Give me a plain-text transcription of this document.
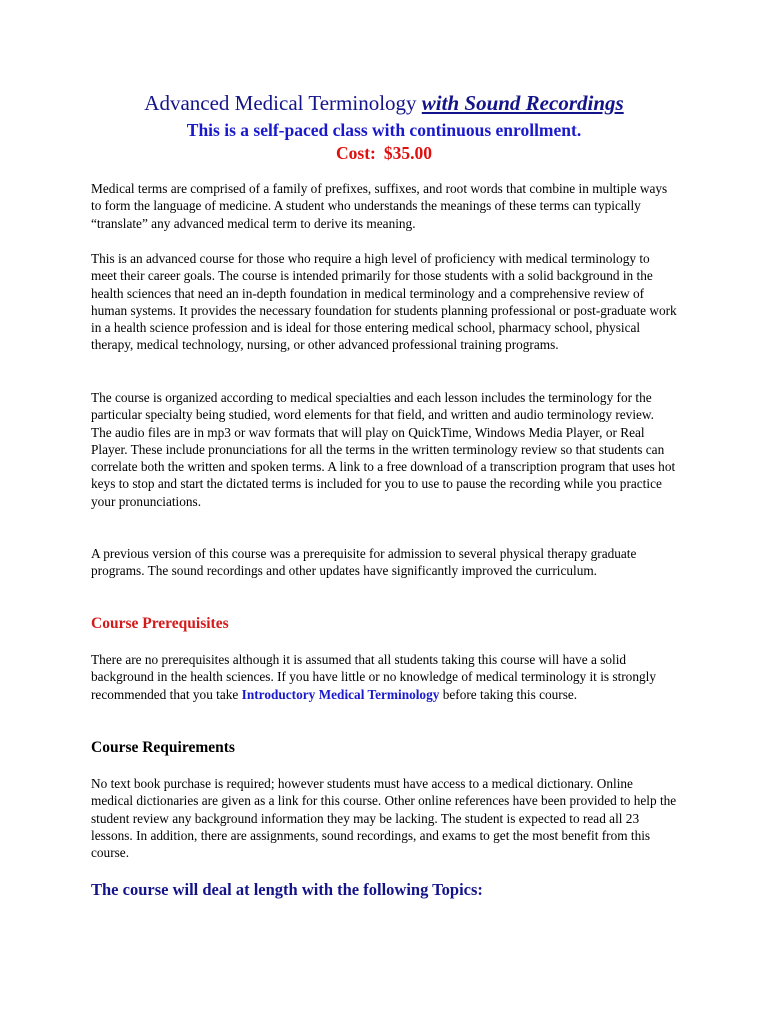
Advanced Medical Terminology with Sound Recordings
This is a self-paced class with continuous enrollment.
Cost: $35.00

Medical terms are comprised of a family of prefixes, suffixes, and root words that combine in multiple ways to form the language of medicine. A student who understands the meanings of these terms can typically “translate” any advanced medical term to derive its meaning.

This is an advanced course for those who require a high level of proficiency with medical terminology to meet their career goals. The course is intended primarily for those students with a solid background in the health sciences that need an in-depth foundation in medical terminology and a comprehensive review of human systems. It provides the necessary foundation for students planning professional or post-graduate work in a health science profession and is ideal for those entering medical school, pharmacy school, physical therapy, medical technology, nursing, or other advanced professional training programs.

The course is organized according to medical specialties and each lesson includes the terminology for the particular specialty being studied, word elements for that field, and written and audio terminology review. The audio files are in mp3 or wav formats that will play on QuickTime, Windows Media Player, or Real Player. These include pronunciations for all the terms in the written terminology review so that students can correlate both the written and spoken terms. A link to a free download of a transcription program that uses hot keys to stop and start the dictated terms is included for you to use to pause the recording while you practice your pronunciations.

A previous version of this course was a prerequisite for admission to several physical therapy graduate programs. The sound recordings and other updates have significantly improved the curriculum.

Course Prerequisites

There are no prerequisites although it is assumed that all students taking this course will have a solid background in the health sciences. If you have little or no knowledge of medical terminology it is strongly recommended that you take Introductory Medical Terminology before taking this course.

Course Requirements

No text book purchase is required; however students must have access to a medical dictionary. Online medical dictionaries are given as a link for this course. Other online references have been provided to help the student review any background information they may be lacking. The student is expected to read all 23 lessons. In addition, there are assignments, sound recordings, and exams to get the most benefit from this course.

The course will deal at length with the following Topics:
